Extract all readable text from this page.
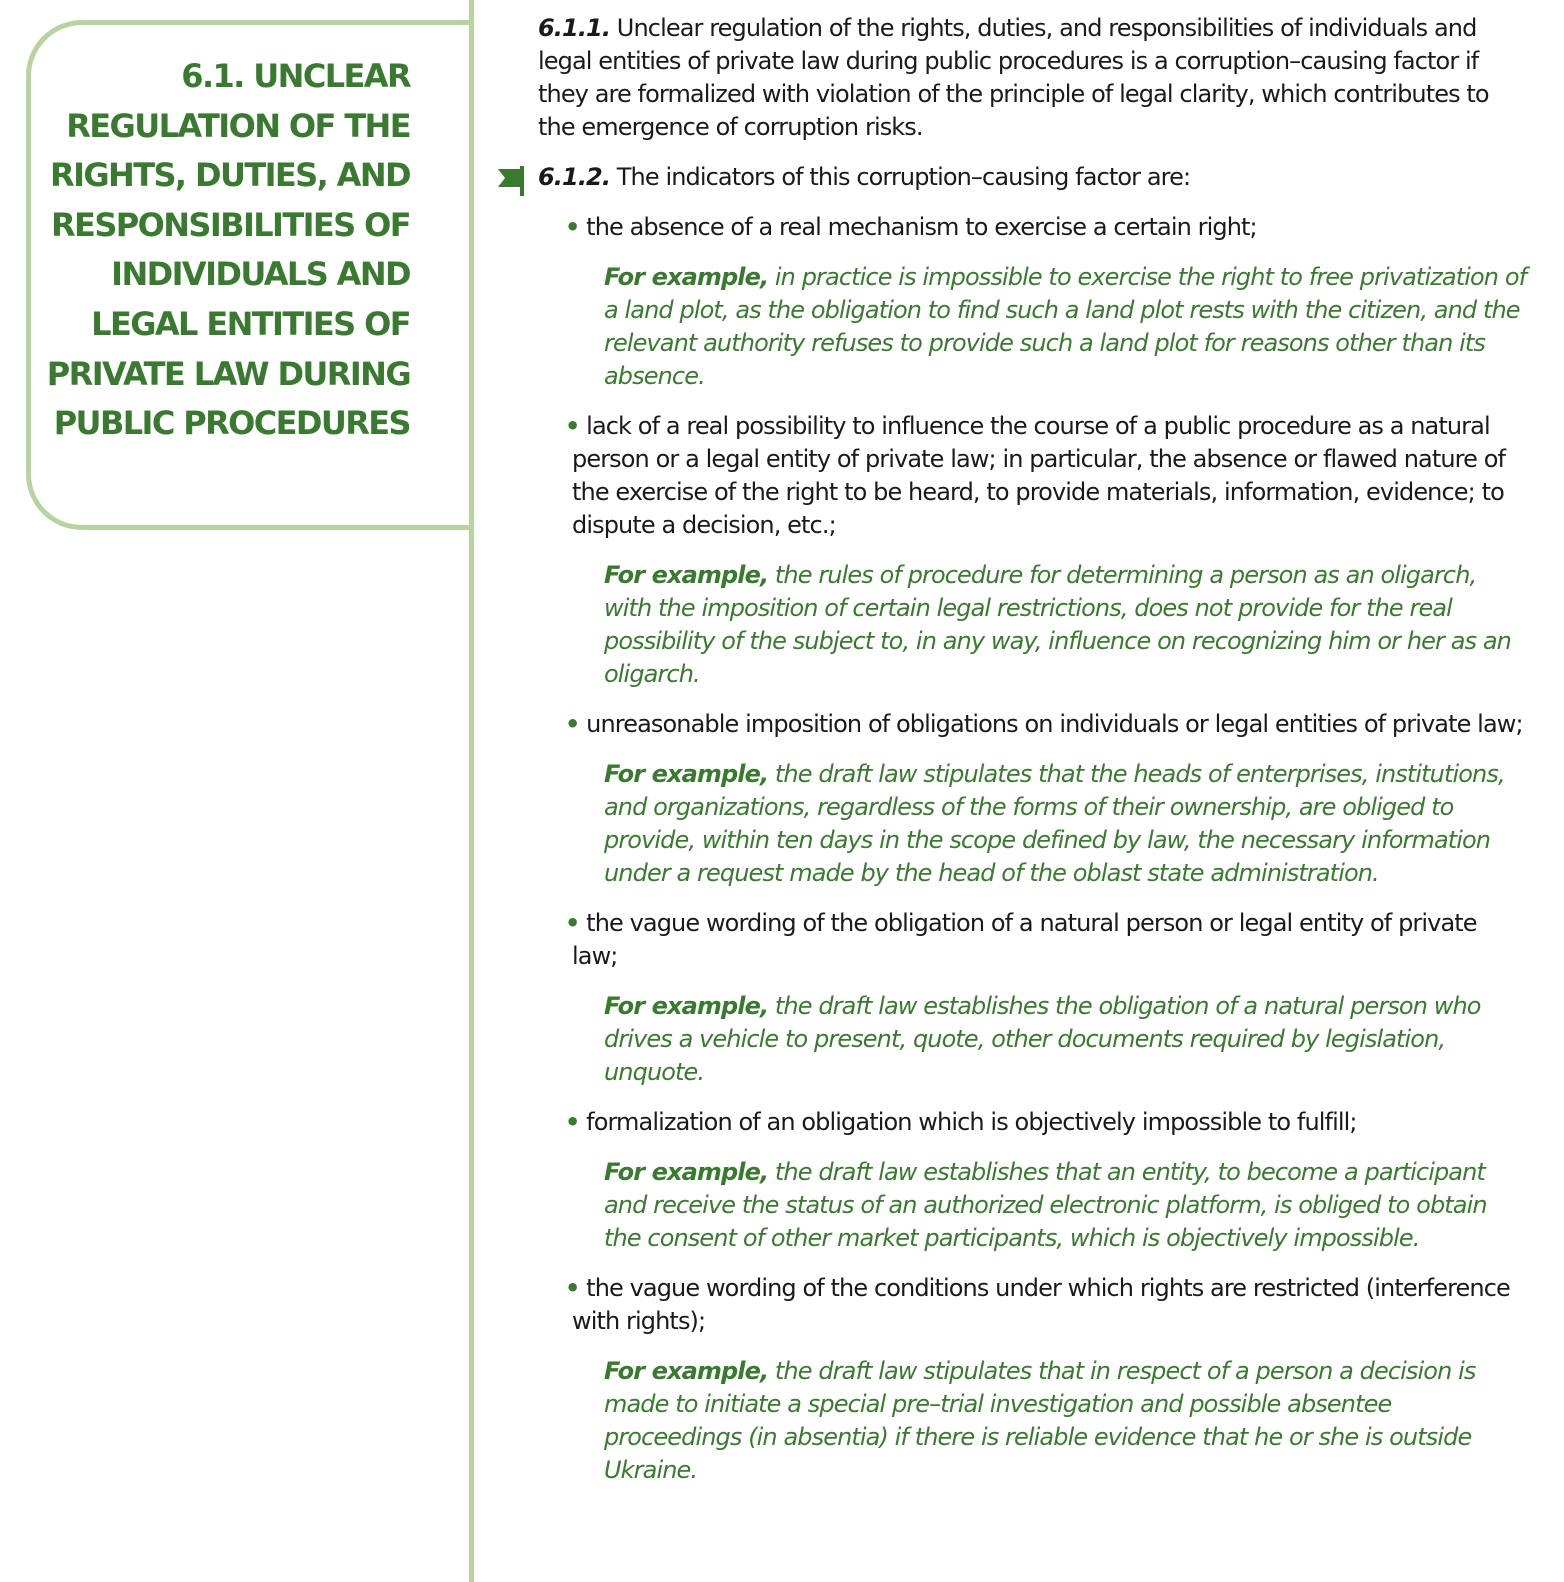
6.1. UNCLEAR REGULATION OF THE RIGHTS, DUTIES, AND RESPONSIBILITIES OF INDIVIDUALS AND LEGAL ENTITIES OF PRIVATE LAW DURING PUBLIC PROCEDURES

6.1.1. Unclear regulation of the rights, duties, and responsibilities of individuals and legal entities of private law during public procedures is a corruption–causing factor if they are formalized with violation of the principle of legal clarity, which contributes to the emergence of corruption risks.

6.1.2. The indicators of this corruption–causing factor are:

• the absence of a real mechanism to exercise a certain right;

For example, in practice is impossible to exercise the right to free privatization of a land plot, as the obligation to find such a land plot rests with the citizen, and the relevant authority refuses to provide such a land plot for reasons other than its absence.

• lack of a real possibility to influence the course of a public procedure as a natural person or a legal entity of private law; in particular, the absence or flawed nature of the exercise of the right to be heard, to provide materials, information, evidence; to dispute a decision, etc.;

For example, the rules of procedure for determining a person as an oligarch, with the imposition of certain legal restrictions, does not provide for the real possibility of the subject to, in any way, influence on recognizing him or her as an oligarch.

• unreasonable imposition of obligations on individuals or legal entities of private law;

For example, the draft law stipulates that the heads of enterprises, institutions, and organizations, regardless of the forms of their ownership, are obliged to provide, within ten days in the scope defined by law, the necessary information under a request made by the head of the oblast state administration.

• the vague wording of the obligation of a natural person or legal entity of private law;

For example, the draft law establishes the obligation of a natural person who drives a vehicle to present, quote, other documents required by legislation, unquote.

• formalization of an obligation which is objectively impossible to fulfill;

For example, the draft law establishes that an entity, to become a participant and receive the status of an authorized electronic platform, is obliged to obtain the consent of other market participants, which is objectively impossible.

• the vague wording of the conditions under which rights are restricted (interference with rights);

For example, the draft law stipulates that in respect of a person a decision is made to initiate a special pre–trial investigation and possible absentee proceedings (in absentia) if there is reliable evidence that he or she is outside Ukraine.
